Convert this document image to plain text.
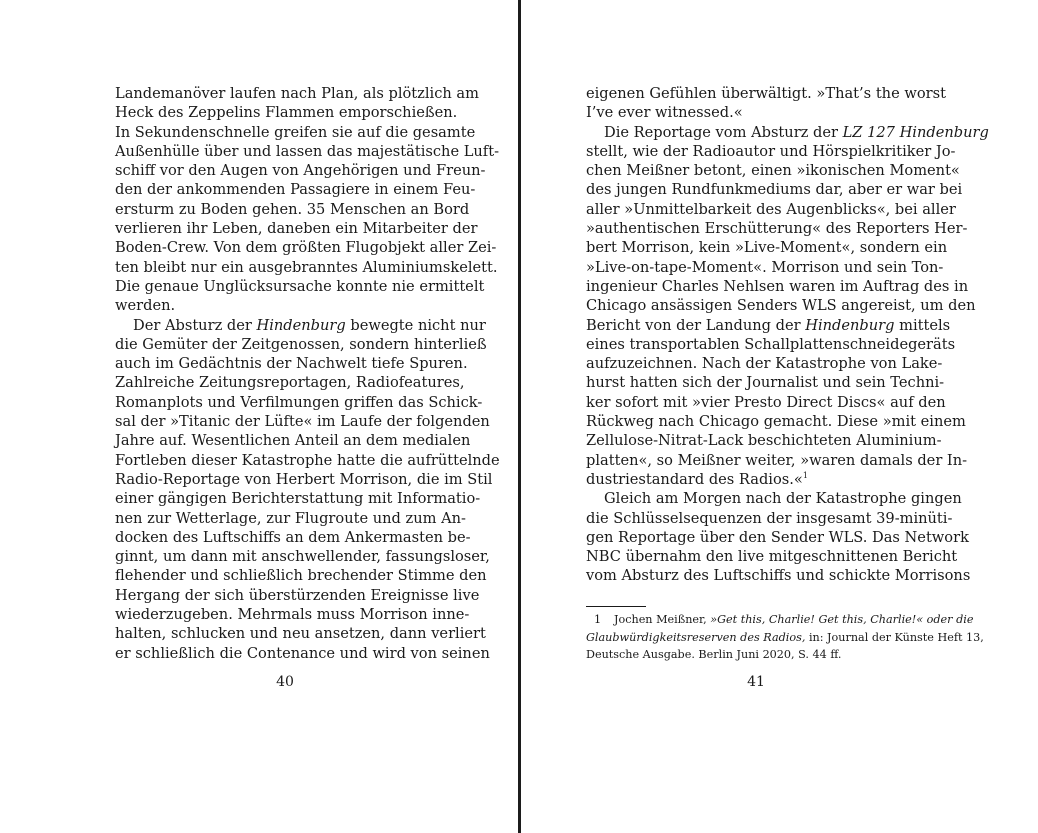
Landemanöver laufen nach Plan, als plötzlich am
Heck des Zeppelins Flammen emporschießen.
In Sekundenschnelle greifen sie auf die gesamte
Außenhülle über und lassen das majestätische Luft-
schiff vor den Augen von Angehörigen und Freun-
den der ankommenden Passagiere in einem Feu-
ersturm zu Boden gehen. 35 Menschen an Bord
verlieren ihr Leben, daneben ein Mitarbeiter der
Boden-Crew. Von dem größten Flugobjekt aller Zei-
ten bleibt nur ein ausgebranntes Aluminiumskelett.
Die genaue Unglücksursache konnte nie ermittelt
werden.
Der Absturz der Hindenburg bewegte nicht nur
die Gemüter der Zeitgenossen, sondern hinterließ
auch im Gedächtnis der Nachwelt tiefe Spuren.
Zahlreiche Zeitungsreportagen, Radiofeatures,
Romanplots und Verfilmungen griffen das Schick-
sal der »Titanic der Lüfte« im Laufe der folgenden
Jahre auf. Wesentlichen Anteil an dem medialen
Fortleben dieser Katastrophe hatte die aufrüttelnde
Radio-Reportage von Herbert Morrison, die im Stil
einer gängigen Berichterstattung mit Informatio-
nen zur Wetterlage, zur Flugroute und zum An-
docken des Luftschiffs an dem Ankermasten be-
ginnt, um dann mit anschwellender, fassungsloser,
flehender und schließlich brechender Stimme den
Hergang der sich überstürzenden Ereignisse live
wiederzugeben. Mehrmals muss Morrison inne-
halten, schlucken und neu ansetzen, dann verliert
er schließlich die Contenance und wird von seinen
40
eigenen Gefühlen überwältigt. »That’s the worst
I’ve ever witnessed.«
Die Reportage vom Absturz der LZ 127 Hindenburg
stellt, wie der Radioautor und Hörspielkritiker Jo-
chen Meißner betont, einen »ikonischen Moment«
des jungen Rundfunkmediums dar, aber er war bei
aller »Unmittelbarkeit des Augenblicks«, bei aller
»authentischen Erschütterung« des Reporters Her-
bert Morrison, kein »Live-Moment«, sondern ein
»Live-on-tape-Moment«. Morrison und sein Ton-
ingenieur Charles Nehlsen waren im Auftrag des in
Chicago ansässigen Senders WLS angereist, um den
Bericht von der Landung der Hindenburg mittels
eines transportablen Schallplattenschneidegeräts
aufzuzeichnen. Nach der Katastrophe von Lake-
hurst hatten sich der Journalist und sein Techni-
ker sofort mit »vier Presto Direct Discs« auf den
Rückweg nach Chicago gemacht. Diese »mit einem
Zellulose-Nitrat-Lack beschichteten Aluminium-
platten«, so Meißner weiter, »waren damals der In-
dustriestandard des Radios.«$^1$
Gleich am Morgen nach der Katastrophe gingen
die Schlüsselsequenzen der insgesamt 39-minüti-
gen Reportage über den Sender WLS. Das Network
NBC übernahm den live mitgeschnittenen Bericht
vom Absturz des Luftschiffs und schickte Morrisons
1 Jochen Meißner, »Get this, Charlie! Get this, Charlie!« oder die
Glaubwürdigkeitsreserven des Radios, in: Journal der Künste Heft 13,
Deutsche Ausgabe. Berlin Juni 2020, S. 44 ff.
41
